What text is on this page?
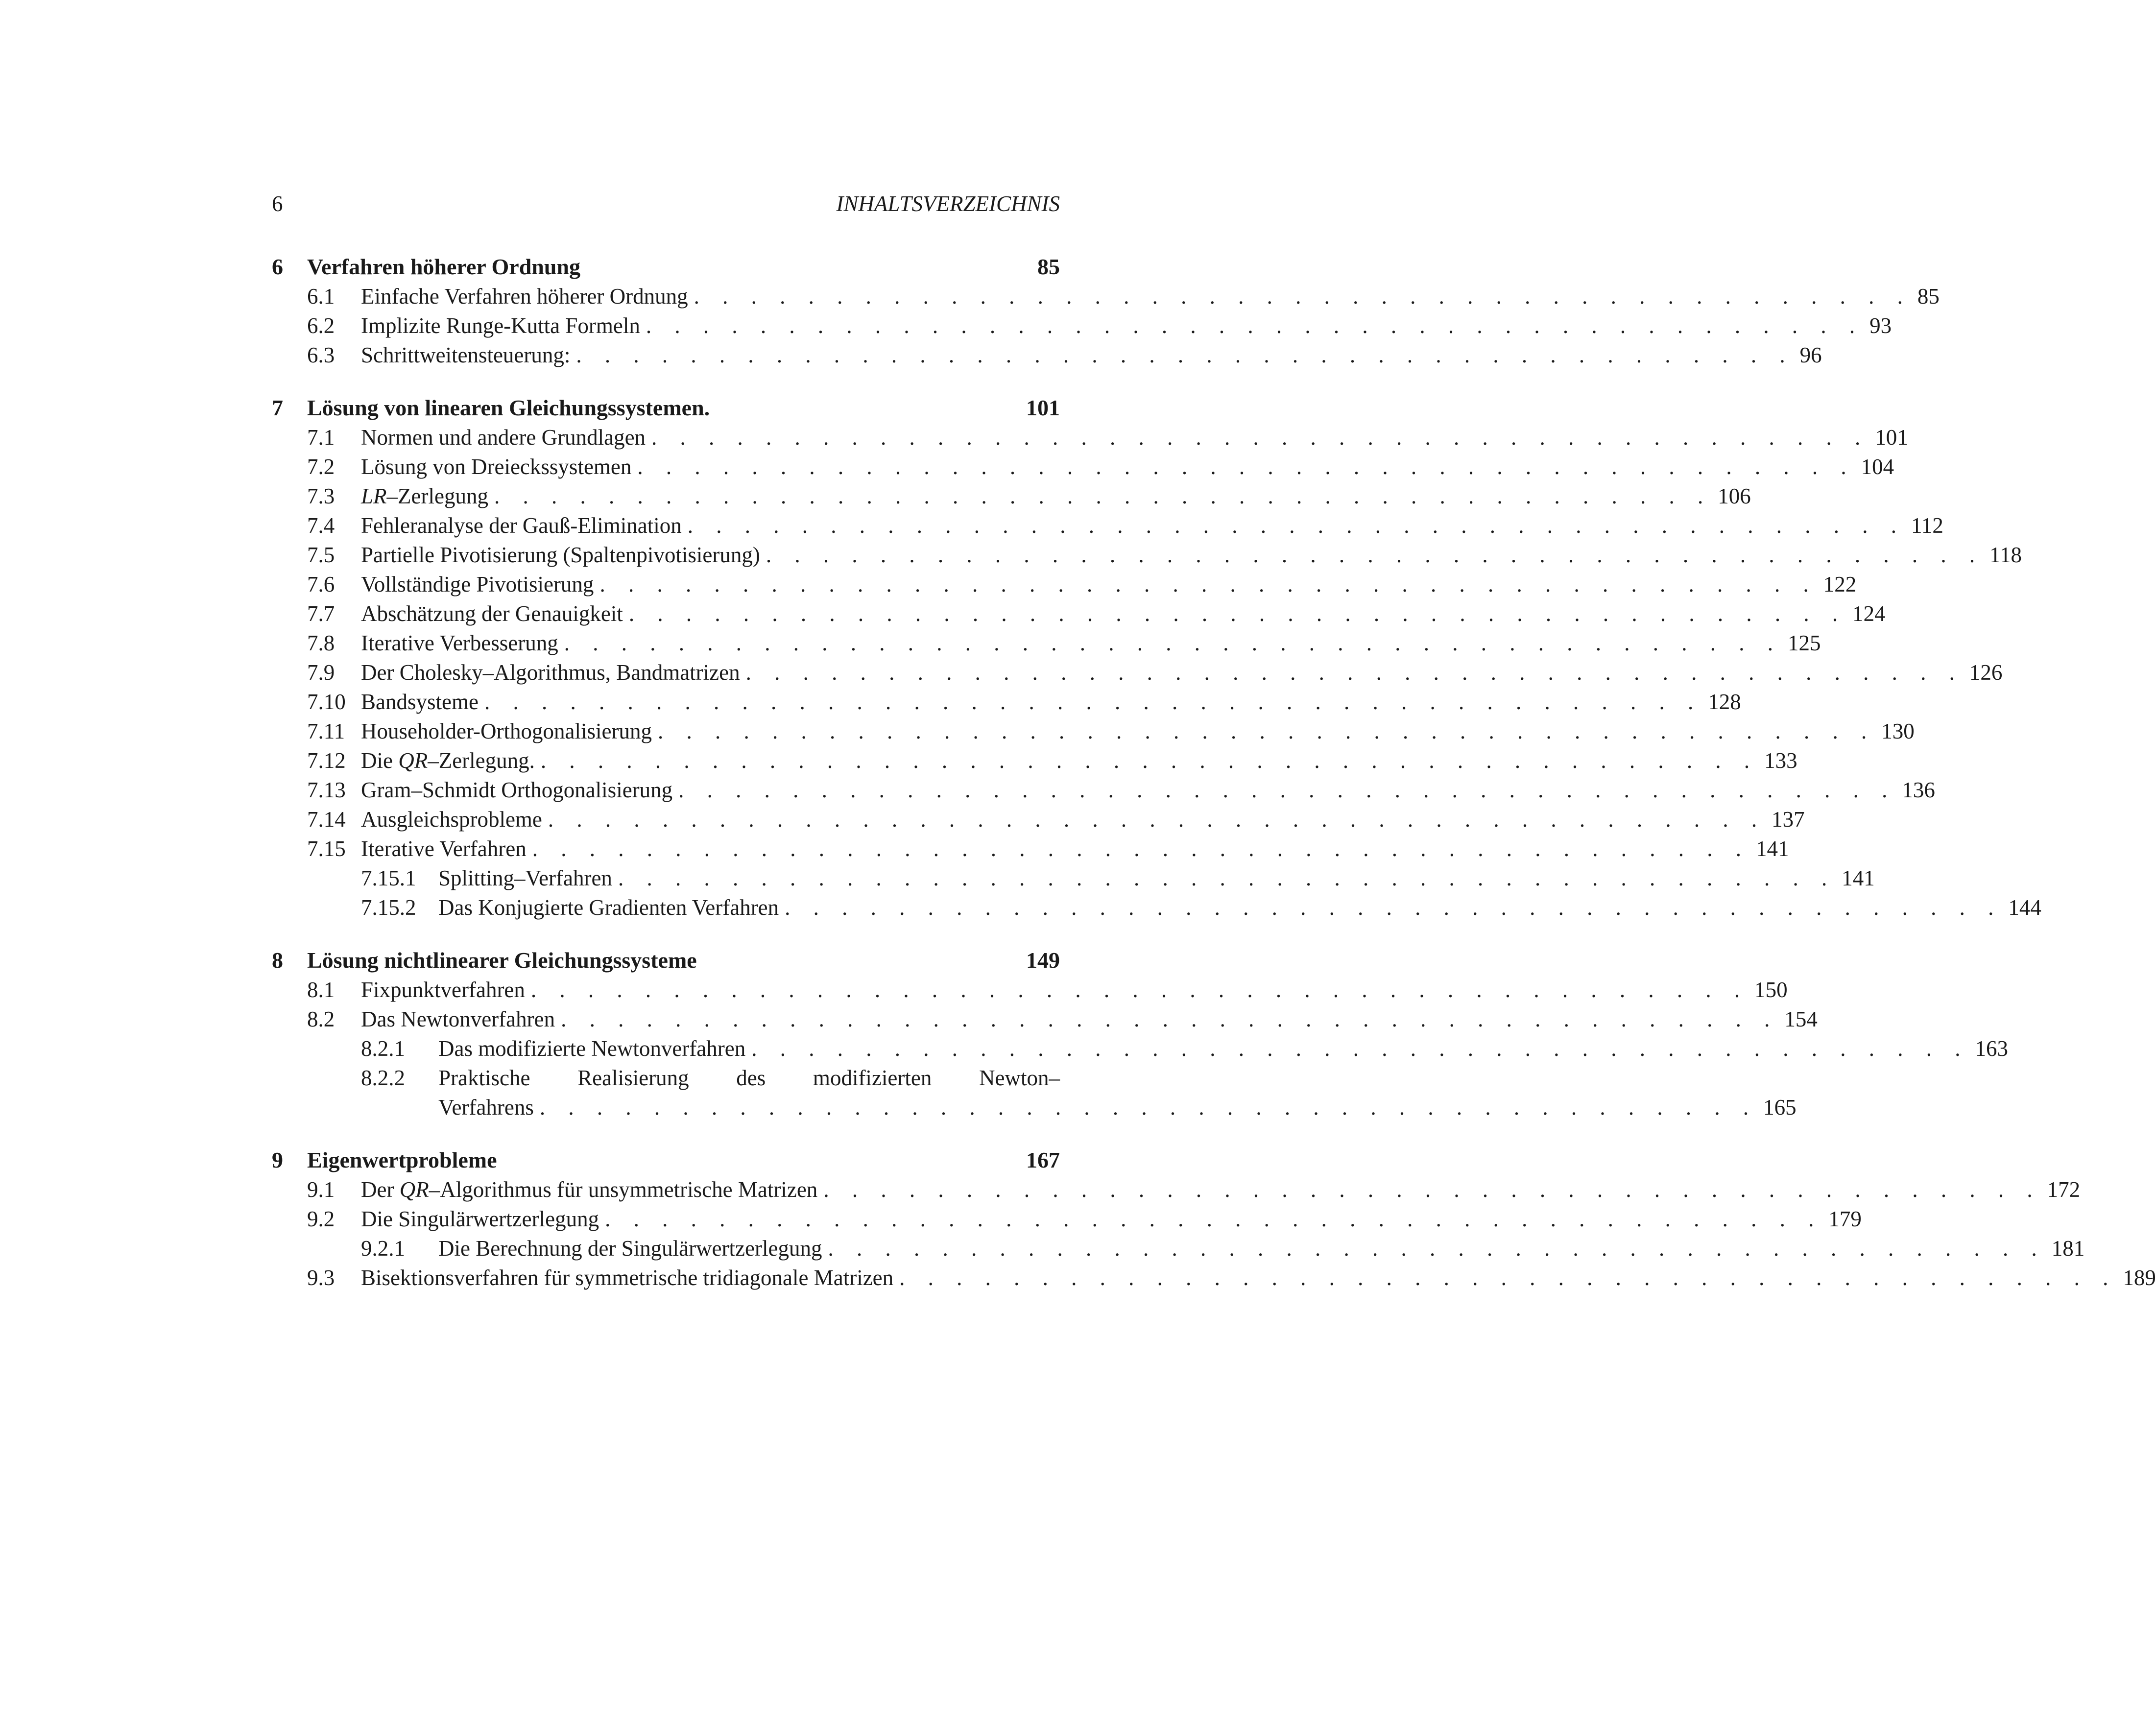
6	INHALTSVERZEICHNIS
6 Verfahren höherer Ordnung	85
6.1 Einfache Verfahren höherer Ordnung . . . . . . . . . . . . . . . . . . . . . . . . . . . . . . . . . . . . . . . . . . . 85
6.2 Implizite Runge-Kutta Formeln . . . . . . . . . . . . . . . . . . . . . . . . . . . . . . . . . . . . . . . . . . . 93
6.3 Schrittweitensteuerung: . . . . . . . . . . . . . . . . . . . . . . . . . . . . . . . . . . . . . . . . . . . 96
7 Lösung von linearen Gleichungssystemen.	101
7.1 Normen und andere Grundlagen . . . . . . . . . . . . . . . . . . . . . . . . . . . . . . . . . . . . . . . . . . . 101
7.2 Lösung von Dreieckssystemen . . . . . . . . . . . . . . . . . . . . . . . . . . . . . . . . . . . . . . . . . . . 104
7.3 LR–Zerlegung . . . . . . . . . . . . . . . . . . . . . . . . . . . . . . . . . . . . . . . . . . . 106
7.4 Fehleranalyse der Gauß-Elimination . . . . . . . . . . . . . . . . . . . . . . . . . . . . . . . . . . . . . . . . . . . 112
7.5 Partielle Pivotisierung (Spaltenpivotisierung) . . . . . . . . . . . . . . . . . . . . . . . . . . . . . . . . . . . . . . . . . . . 118
7.6 Vollständige Pivotisierung . . . . . . . . . . . . . . . . . . . . . . . . . . . . . . . . . . . . . . . . . . . 122
7.7 Abschätzung der Genauigkeit . . . . . . . . . . . . . . . . . . . . . . . . . . . . . . . . . . . . . . . . . . . 124
7.8 Iterative Verbesserung . . . . . . . . . . . . . . . . . . . . . . . . . . . . . . . . . . . . . . . . . . . 125
7.9 Der Cholesky–Algorithmus, Bandmatrizen . . . . . . . . . . . . . . . . . . . . . . . . . . . . . . . . . . . . . . . . . . . 126
7.10 Bandsysteme . . . . . . . . . . . . . . . . . . . . . . . . . . . . . . . . . . . . . . . . . . . 128
7.11 Householder-Orthogonalisierung . . . . . . . . . . . . . . . . . . . . . . . . . . . . . . . . . . . . . . . . . . . 130
7.12 Die QR–Zerlegung. . . . . . . . . . . . . . . . . . . . . . . . . . . . . . . . . . . . . . . . . . . . 133
7.13 Gram–Schmidt Orthogonalisierung . . . . . . . . . . . . . . . . . . . . . . . . . . . . . . . . . . . . . . . . . . . 136
7.14 Ausgleichsprobleme . . . . . . . . . . . . . . . . . . . . . . . . . . . . . . . . . . . . . . . . . . . 137
7.15 Iterative Verfahren . . . . . . . . . . . . . . . . . . . . . . . . . . . . . . . . . . . . . . . . . . . 141
7.15.1 Splitting–Verfahren . . . . . . . . . . . . . . . . . . . . . . . . . . . . . . . . . . . . . . . . . . . 141
7.15.2 Das Konjugierte Gradienten Verfahren . . . . . . . . . . . . . . . . . . . . . . . . . . . . . . . . . . . . . . . . . . . 144
8 Lösung nichtlinearer Gleichungssysteme	149
8.1 Fixpunktverfahren . . . . . . . . . . . . . . . . . . . . . . . . . . . . . . . . . . . . . . . . . . . 150
8.2 Das Newtonverfahren . . . . . . . . . . . . . . . . . . . . . . . . . . . . . . . . . . . . . . . . . . . 154
8.2.1 Das modifizierte Newtonverfahren . . . . . . . . . . . . . . . . . . . . . . . . . . . . . . . . . . . . . . . . . . . 163
8.2.2 Praktische Realisierung des modifizierten Newton–
Verfahrens . . . . . . . . . . . . . . . . . . . . . . . . . . . . . . . . . . . . . . . . . . . 165
9 Eigenwertprobleme	167
9.1 Der QR–Algorithmus für unsymmetrische Matrizen . . . . . . . . . . . . . . . . . . . . . . . . . . . . . . . . . . . . . . . . . . . 172
9.2 Die Singulärwertzerlegung . . . . . . . . . . . . . . . . . . . . . . . . . . . . . . . . . . . . . . . . . . . 179
9.2.1 Die Berechnung der Singulärwertzerlegung . . . . . . . . . . . . . . . . . . . . . . . . . . . . . . . . . . . . . . . . . . . 181
9.3 Bisektionsverfahren für symmetrische tridiagonale Matrizen . . . . . . . . . . . . . . . . . . . . . . . . . . . . . . . . . . . . . . . . . . . 189
